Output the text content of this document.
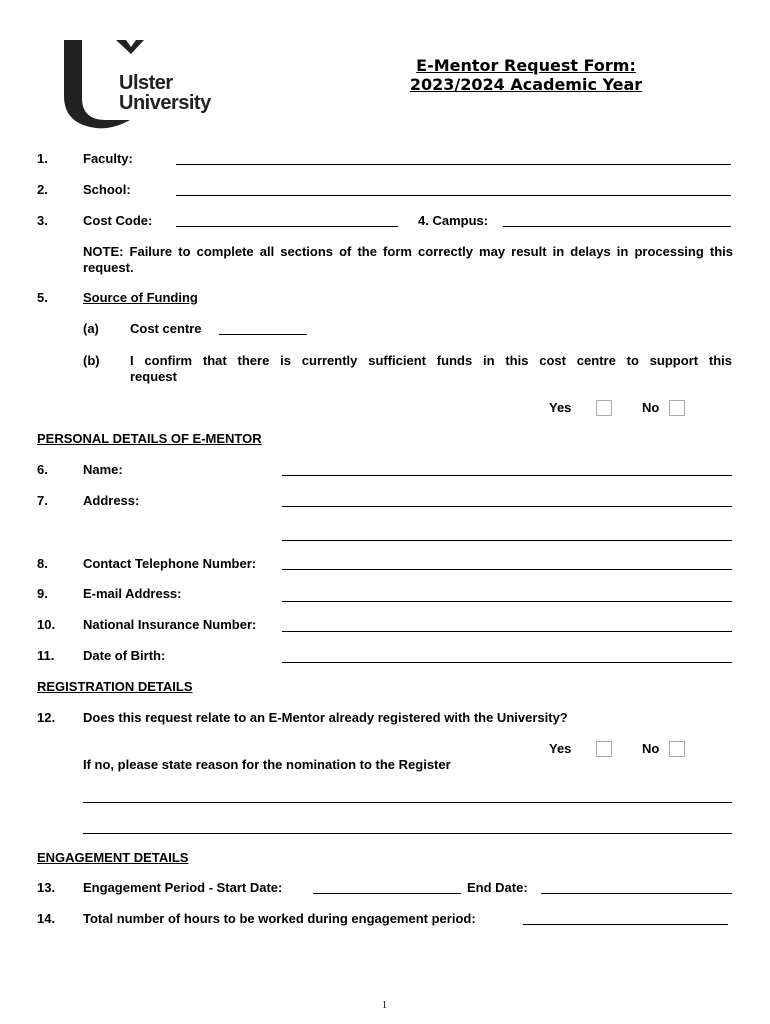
Ulster
University
E-Mentor Request Form:
2023/2024 Academic Year
1.	Faculty:
2.	School:
3.	Cost Code:	4. Campus:
NOTE: Failure to complete all sections of the form correctly may result in delays in processing this request.
5.	Source of Funding
(a) Cost centre
(b) I confirm that there is currently sufficient funds in this cost centre to support this
request
Yes	No
PERSONAL DETAILS OF E-MENTOR
6.	Name:
7.	Address:
8.	Contact Telephone Number:
9.	E-mail Address:
10. National Insurance Number:
11. Date of Birth:
REGISTRATION DETAILS
12. Does this request relate to an E-Mentor already registered with the University?
Yes	No
If no, please state reason for the nomination to the Register
ENGAGEMENT DETAILS
13. Engagement Period - Start Date:	End Date:
14. Total number of hours to be worked during engagement period:
1
